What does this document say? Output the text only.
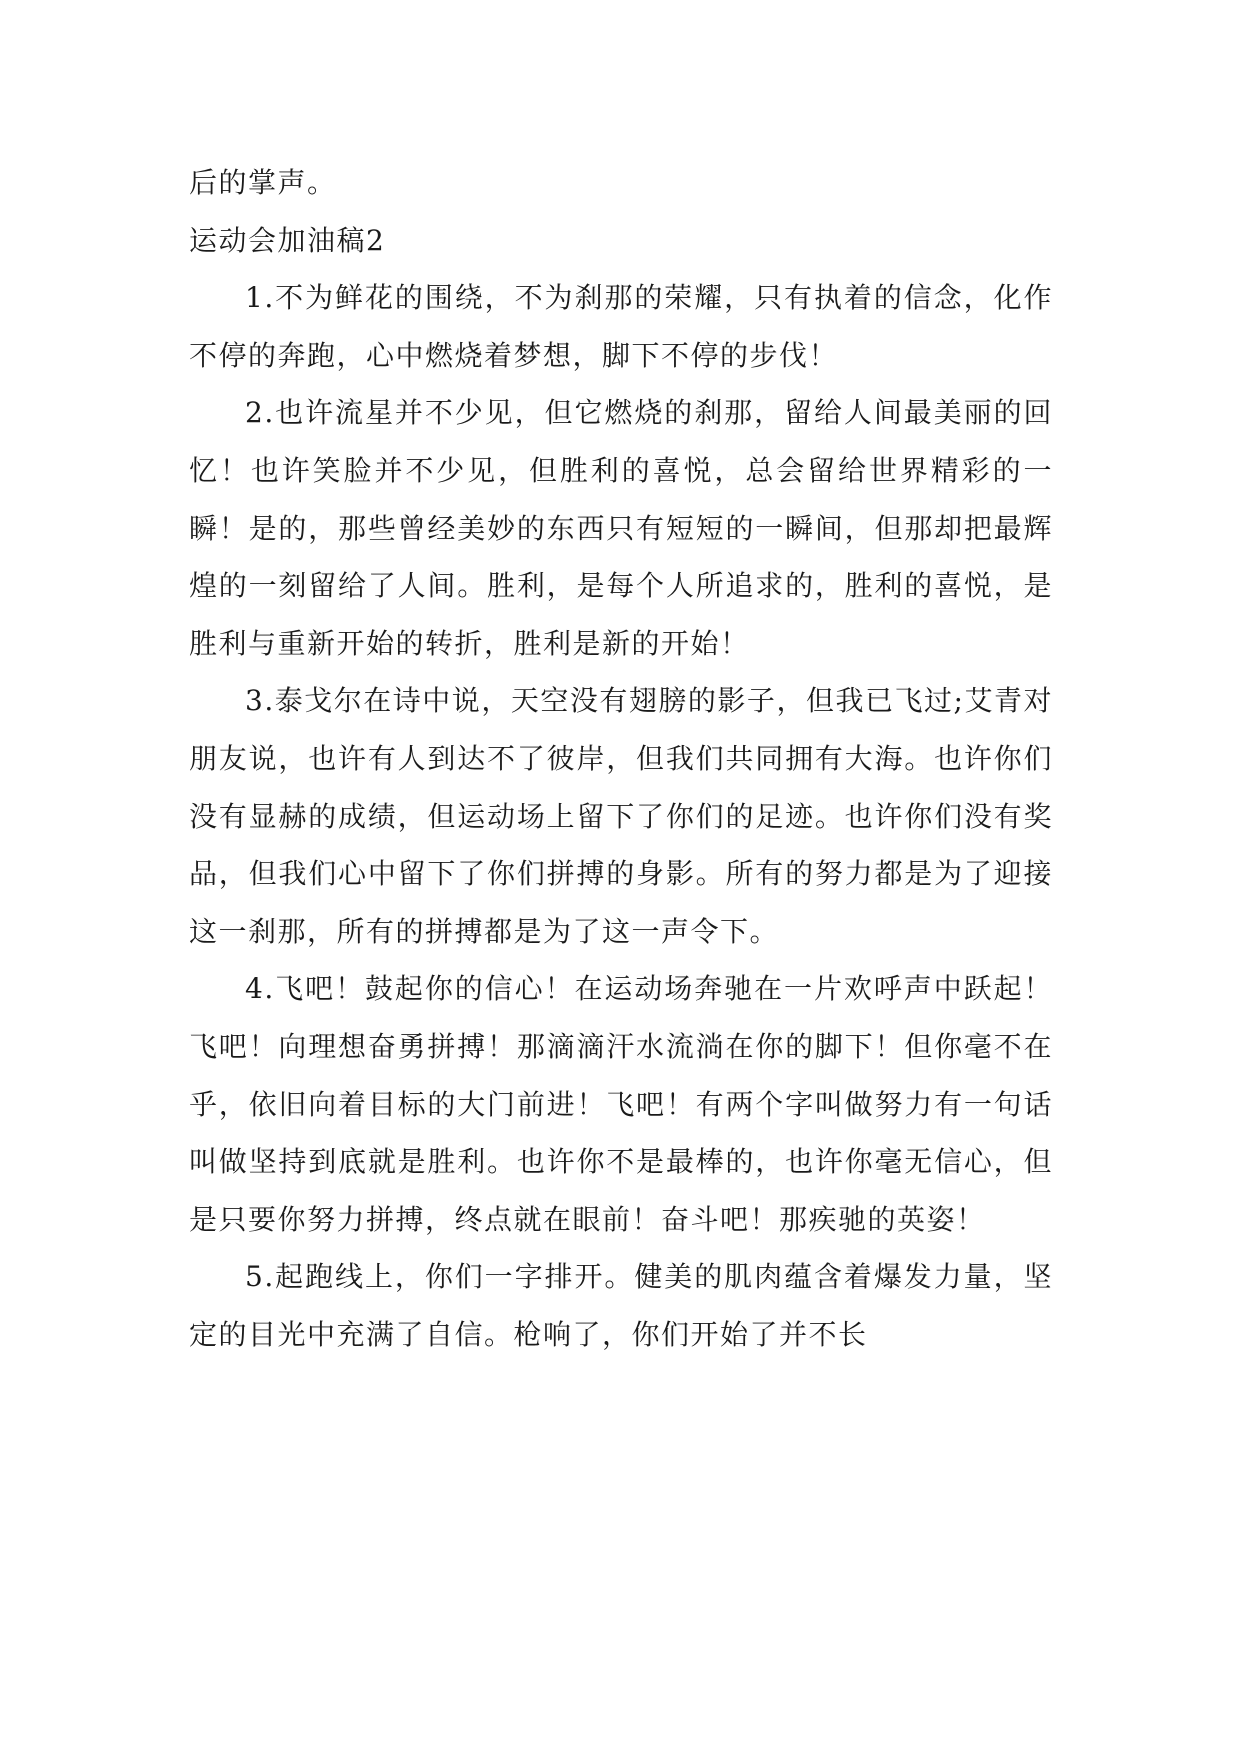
后的掌声。

运动会加油稿2

1.不为鲜花的围绕，不为刹那的荣耀，只有执着的信念，化作不停的奔跑，心中燃烧着梦想，脚下不停的步伐！

2.也许流星并不少见，但它燃烧的刹那，留给人间最美丽的回忆！也许笑脸并不少见，但胜利的喜悦，总会留给世界精彩的一瞬！是的，那些曾经美妙的东西只有短短的一瞬间，但那却把最辉煌的一刻留给了人间。胜利，是每个人所追求的，胜利的喜悦，是胜利与重新开始的转折，胜利是新的开始！

3.泰戈尔在诗中说，天空没有翅膀的影子，但我已飞过;艾青对朋友说，也许有人到达不了彼岸，但我们共同拥有大海。也许你们没有显赫的成绩，但运动场上留下了你们的足迹。也许你们没有奖品，但我们心中留下了你们拼搏的身影。所有的努力都是为了迎接这一刹那，所有的拼搏都是为了这一声令下。

4.飞吧！鼓起你的信心！在运动场奔驰在一片欢呼声中跃起！飞吧！向理想奋勇拼搏！那滴滴汗水流淌在你的脚下！但你毫不在乎，依旧向着目标的大门前进！飞吧！有两个字叫做努力有一句话叫做坚持到底就是胜利。也许你不是最棒的，也许你毫无信心，但是只要你努力拼搏，终点就在眼前！奋斗吧！那疾驰的英姿！

5.起跑线上，你们一字排开。健美的肌肉蕴含着爆发力量，坚定的目光中充满了自信。枪响了，你们开始了并不长
